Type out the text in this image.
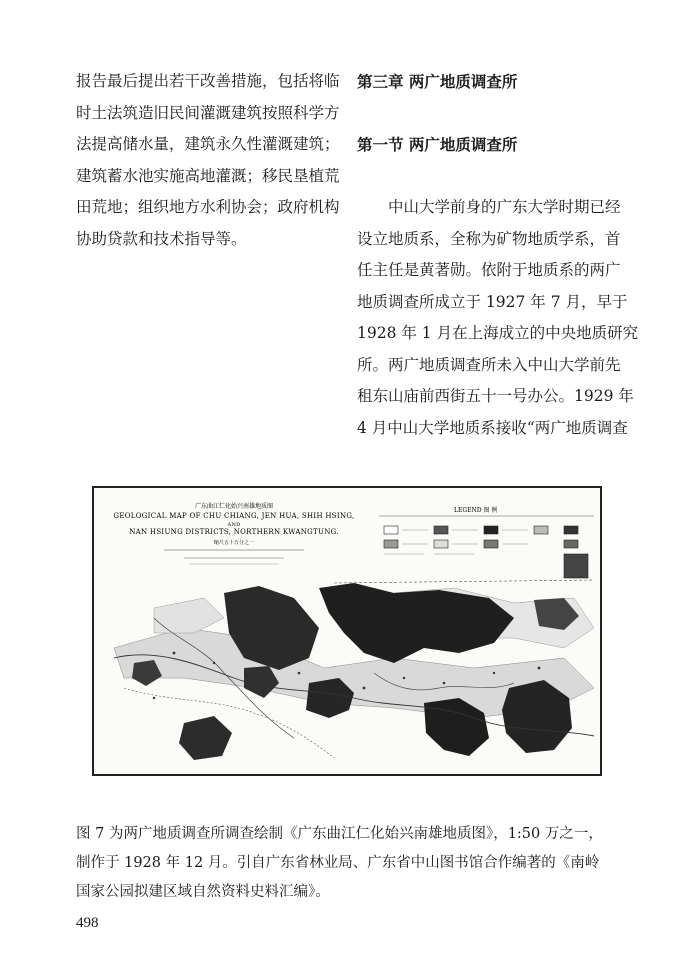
报告最后提出若干改善措施，包括将临
时土法筑造旧民间灌溉建筑按照科学方
法提高储水量，建筑永久性灌溉建筑；
建筑蓄水池实施高地灌溉；移民垦植荒
田荒地；组织地方水利协会；政府机构
协助贷款和技术指导等。

第三章 两广地质调查所
第一节 两广地质调查所

　　中山大学前身的广东大学时期已经
设立地质系，全称为矿物地质学系，首
任主任是黄著勋。依附于地质系的两广
地质调查所成立于 1927 年 7 月，早于
1928 年 1 月在上海成立的中央地质研究
所。两广地质调查所未入中山大学前先
租东山庙前西街五十一号办公。1929 年
4 月中山大学地质系接收“两广地质调查

广东曲江仁化始兴南雄地质图
GEOLOGICAL MAP OF CHU CHIANG, JEN HUA, SHIH HSING,
AND
NAN HSIUNG DISTRICTS, NORTHERN KWANGTUNG.
缩尺五十万分之一
LEGEND 图 例
图 7 为两广地质调查所调查绘制《广东曲江仁化始兴南雄地质图》，1:50 万之一，
制作于 1928 年 12 月。引自广东省林业局、广东省中山图书馆合作编著的《南岭
国家公园拟建区域自然资料史料汇编》。
498
